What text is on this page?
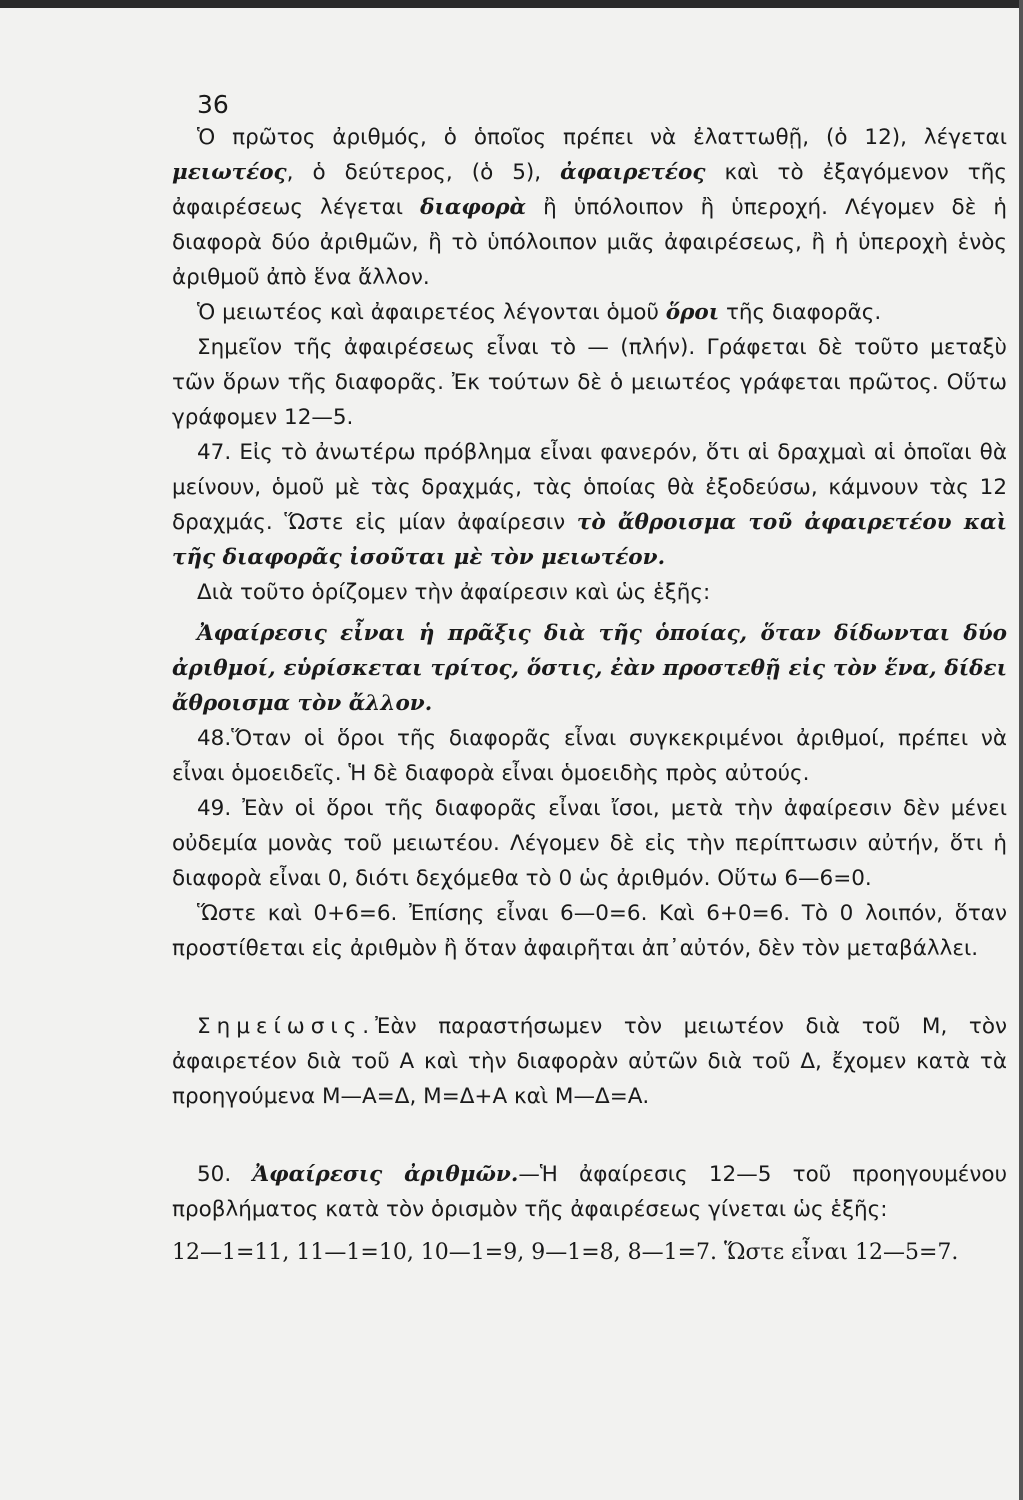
36

Ὁ πρῶτος ἀριθμός, ὁ ὁποῖος πρέπει νὰ ἐλαττωθῇ, (ὁ 12), λέγεται μειωτέος, ὁ δεύτερος, (ὁ 5), ἀφαιρετέος καὶ τὸ ἐξαγόμενον τῆς ἀφαιρέσεως λέγεται διαφορὰ ἢ ὑπόλοιπον ἢ ὑπεροχή. Λέγομεν δὲ ἡ διαφορὰ δύο ἀριθμῶν, ἢ τὸ ὑπόλοιπον μιᾶς ἀφαιρέσεως, ἢ ἡ ὑπεροχὴ ἑνὸς ἀριθμοῦ ἀπὸ ἕνα ἄλλον.

Ὁ μειωτέος καὶ ἀφαιρετέος λέγονται ὁμοῦ ὅροι τῆς διαφορᾶς.

Σημεῖον τῆς ἀφαιρέσεως εἶναι τὸ — (πλήν). Γράφεται δὲ τοῦτο μεταξὺ τῶν ὅρων τῆς διαφορᾶς. Ἐκ τούτων δὲ ὁ μειωτέος γράφεται πρῶτος. Οὕτω γράφομεν 12—5.

47. Εἰς τὸ ἀνωτέρω πρόβλημα εἶναι φανερόν, ὅτι αἱ δραχμαὶ αἱ ὁποῖαι θὰ μείνουν, ὁμοῦ μὲ τὰς δραχμάς, τὰς ὁποίας θὰ ἐξοδεύσω, κάμνουν τὰς 12 δραχμάς. Ὥστε εἰς μίαν ἀφαίρεσιν τὸ ἄθροισμα τοῦ ἀφαιρετέου καὶ τῆς διαφορᾶς ἰσοῦται μὲ τὸν μειωτέον.

Διὰ τοῦτο ὁρίζομεν τὴν ἀφαίρεσιν καὶ ὡς ἑξῆς:

Ἀφαίρεσις εἶναι ἡ πρᾶξις διὰ τῆς ὁποίας, ὅταν δίδωνται δύο ἀριθμοί, εὑρίσκεται τρίτος, ὅστις, ἐὰν προστεθῇ εἰς τὸν ἕνα, δίδει ἄθροισμα τὸν ἄλλον.

48.Ὅταν οἱ ὅροι τῆς διαφορᾶς εἶναι συγκεκριμένοι ἀριθμοί, πρέπει νὰ εἶναι ὁμοειδεῖς. Ἡ δὲ διαφορὰ εἶναι ὁμοειδὴς πρὸς αὐτούς.

49. Ἐὰν οἱ ὅροι τῆς διαφορᾶς εἶναι ἴσοι, μετὰ τὴν ἀφαίρεσιν δὲν μένει οὐδεμία μονὰς τοῦ μειωτέου. Λέγομεν δὲ εἰς τὴν περίπτωσιν αὐτήν, ὅτι ἡ διαφορὰ εἶναι 0, διότι δεχόμεθα τὸ 0 ὡς ἀριθμόν. Οὕτω 6—6=0.

Ὥστε καὶ 0+6=6. Ἐπίσης εἶναι 6—0=6. Καὶ 6+0=6. Τὸ 0 λοιπόν, ὅταν προστίθεται εἰς ἀριθμὸν ἢ ὅταν ἀφαιρῆται ἀπ᾽αὐτόν, δὲν τὸν μεταβάλλει.

Σημείωσις.Ἐὰν παραστήσωμεν τὸν μειωτέον διὰ τοῦ Μ, τὸν ἀφαιρετέον διὰ τοῦ Α καὶ τὴν διαφορὰν αὐτῶν διὰ τοῦ Δ, ἔχομεν κατὰ τὰ προηγούμενα Μ—Α=Δ, Μ=Δ+Α καὶ Μ—Δ=Α.

50. Ἀφαίρεσις ἀριθμῶν.—Ἡ ἀφαίρεσις 12—5 τοῦ προηγουμένου προβλήματος κατὰ τὸν ὁρισμὸν τῆς ἀφαιρέσεως γίνεται ὡς ἑξῆς:

12—1=11, 11—1=10, 10—1=9, 9—1=8, 8—1=7. Ὥστε εἶναι 12—5=7.
